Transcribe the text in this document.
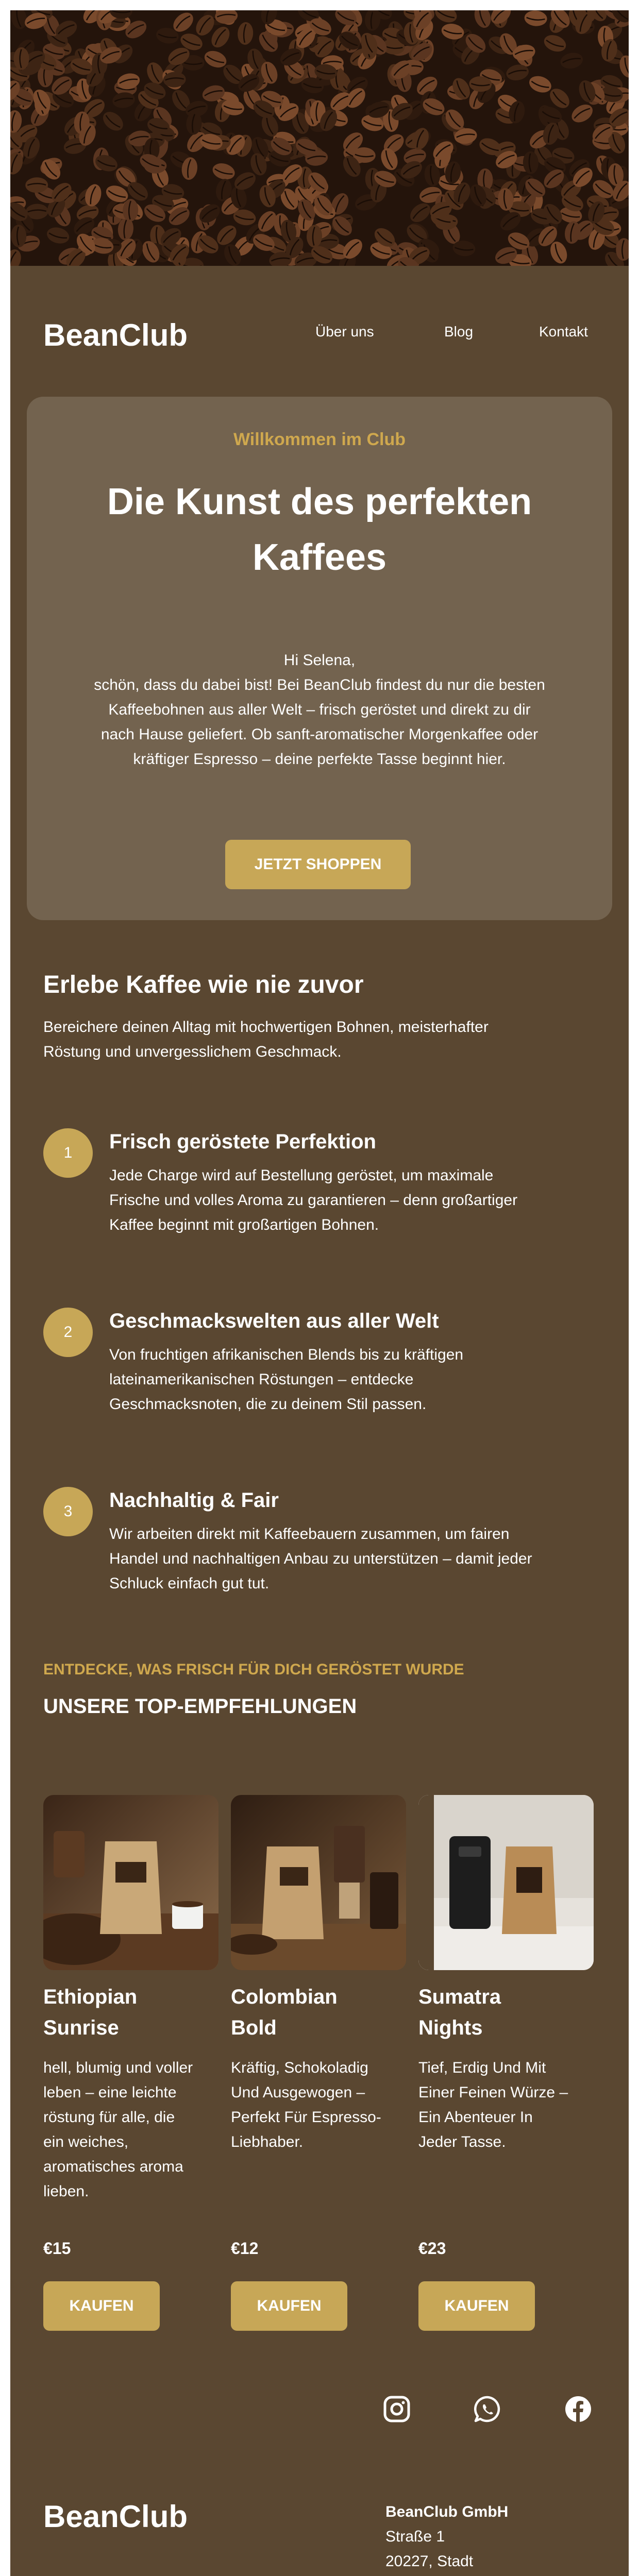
BeanClub	Über uns	Blog	Kontakt
Willkommen im Club
Die Kunst des perfekten Kaffees
Hi Selena,
schön, dass du dabei bist! Bei BeanClub findest du nur die besten
Kaffeebohnen aus aller Welt – frisch geröstet und direkt zu dir
nach Hause geliefert. Ob sanft-aromatischer Morgenkaffee oder
kräftiger Espresso – deine perfekte Tasse beginnt hier.
JETZT SHOPPEN
Erlebe Kaffee wie nie zuvor
Bereichere deinen Alltag mit hochwertigen Bohnen, meisterhafter
Röstung und unvergesslichem Geschmack.
1	Frisch geröstete Perfektion
Jede Charge wird auf Bestellung geröstet, um maximale
Frische und volles Aroma zu garantieren – denn großartiger
Kaffee beginnt mit großartigen Bohnen.
2	Geschmackswelten aus aller Welt
Von fruchtigen afrikanischen Blends bis zu kräftigen
lateinamerikanischen Röstungen – entdecke
Geschmacksnoten, die zu deinem Stil passen.
3	Nachhaltig & Fair
Wir arbeiten direkt mit Kaffeebauern zusammen, um fairen
Handel und nachhaltigen Anbau zu unterstützen – damit jeder
Schluck einfach gut tut.
ENTDECKE, WAS FRISCH FÜR DICH GERÖSTET WURDE
UNSERE TOP-EMPFEHLUNGEN
Ethiopian
Sunrise
hell, blumig und voller
leben – eine leichte
röstung für alle, die
ein weiches,
aromatisches aroma
lieben.
€15
KAUFEN
Colombian
Bold
Kräftig, Schokoladig
Und Ausgewogen –
Perfekt Für Espresso-
Liebhaber.
€12
KAUFEN
Sumatra
Nights
Tief, Erdig Und Mit
Einer Feinen Würze –
Ein Abenteuer In
Jeder Tasse.
€23
KAUFEN
BeanClub	BeanClub GmbH
Straße 1
20227, Stadt
